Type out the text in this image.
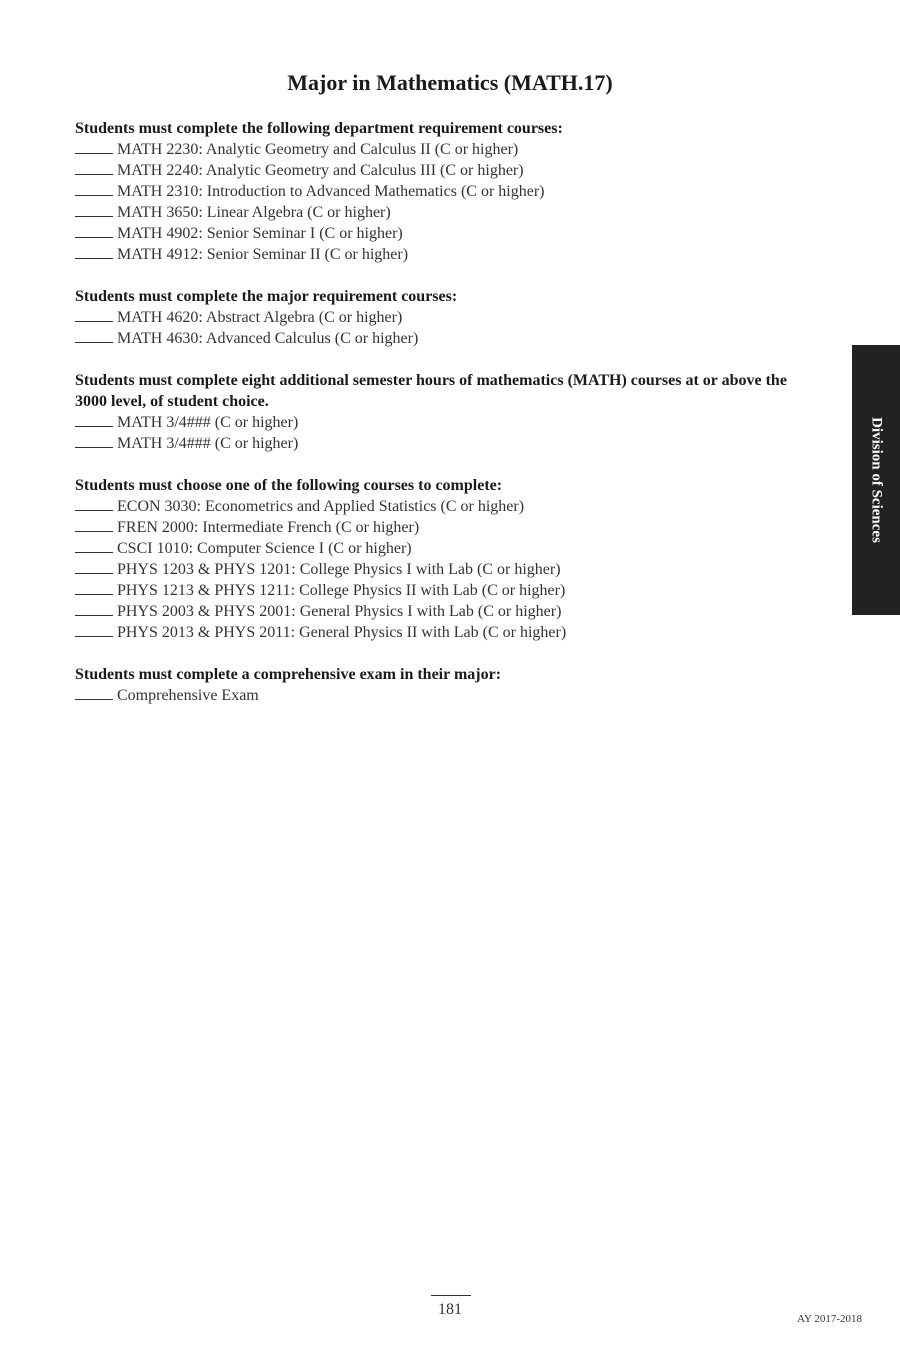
Major in Mathematics (MATH.17)
Students must complete the following department requirement courses:
MATH 2230: Analytic Geometry and Calculus II (C or higher)
MATH 2240: Analytic Geometry and Calculus III (C or higher)
MATH 2310: Introduction to Advanced Mathematics (C or higher)
MATH 3650: Linear Algebra (C or higher)
MATH 4902: Senior Seminar I (C or higher)
MATH 4912: Senior Seminar II (C or higher)
Students must complete the major requirement courses:
MATH 4620: Abstract Algebra (C or higher)
MATH 4630: Advanced Calculus (C or higher)
Students must complete eight additional semester hours of mathematics (MATH) courses at or above the 3000 level, of student choice.
MATH 3/4### (C or higher)
MATH 3/4### (C or higher)
Students must choose one of the following courses to complete:
ECON 3030: Econometrics and Applied Statistics (C or higher)
FREN 2000: Intermediate French (C or higher)
CSCI 1010: Computer Science I (C or higher)
PHYS 1203 & PHYS 1201: College Physics I with Lab (C or higher)
PHYS 1213 & PHYS 1211: College Physics II with Lab (C or higher)
PHYS 2003 & PHYS 2001: General Physics I with Lab (C or higher)
PHYS 2013 & PHYS 2011: General Physics II with Lab (C or higher)
Students must complete a comprehensive exam in their major:
Comprehensive Exam
Division of Sciences
181
AY 2017-2018
